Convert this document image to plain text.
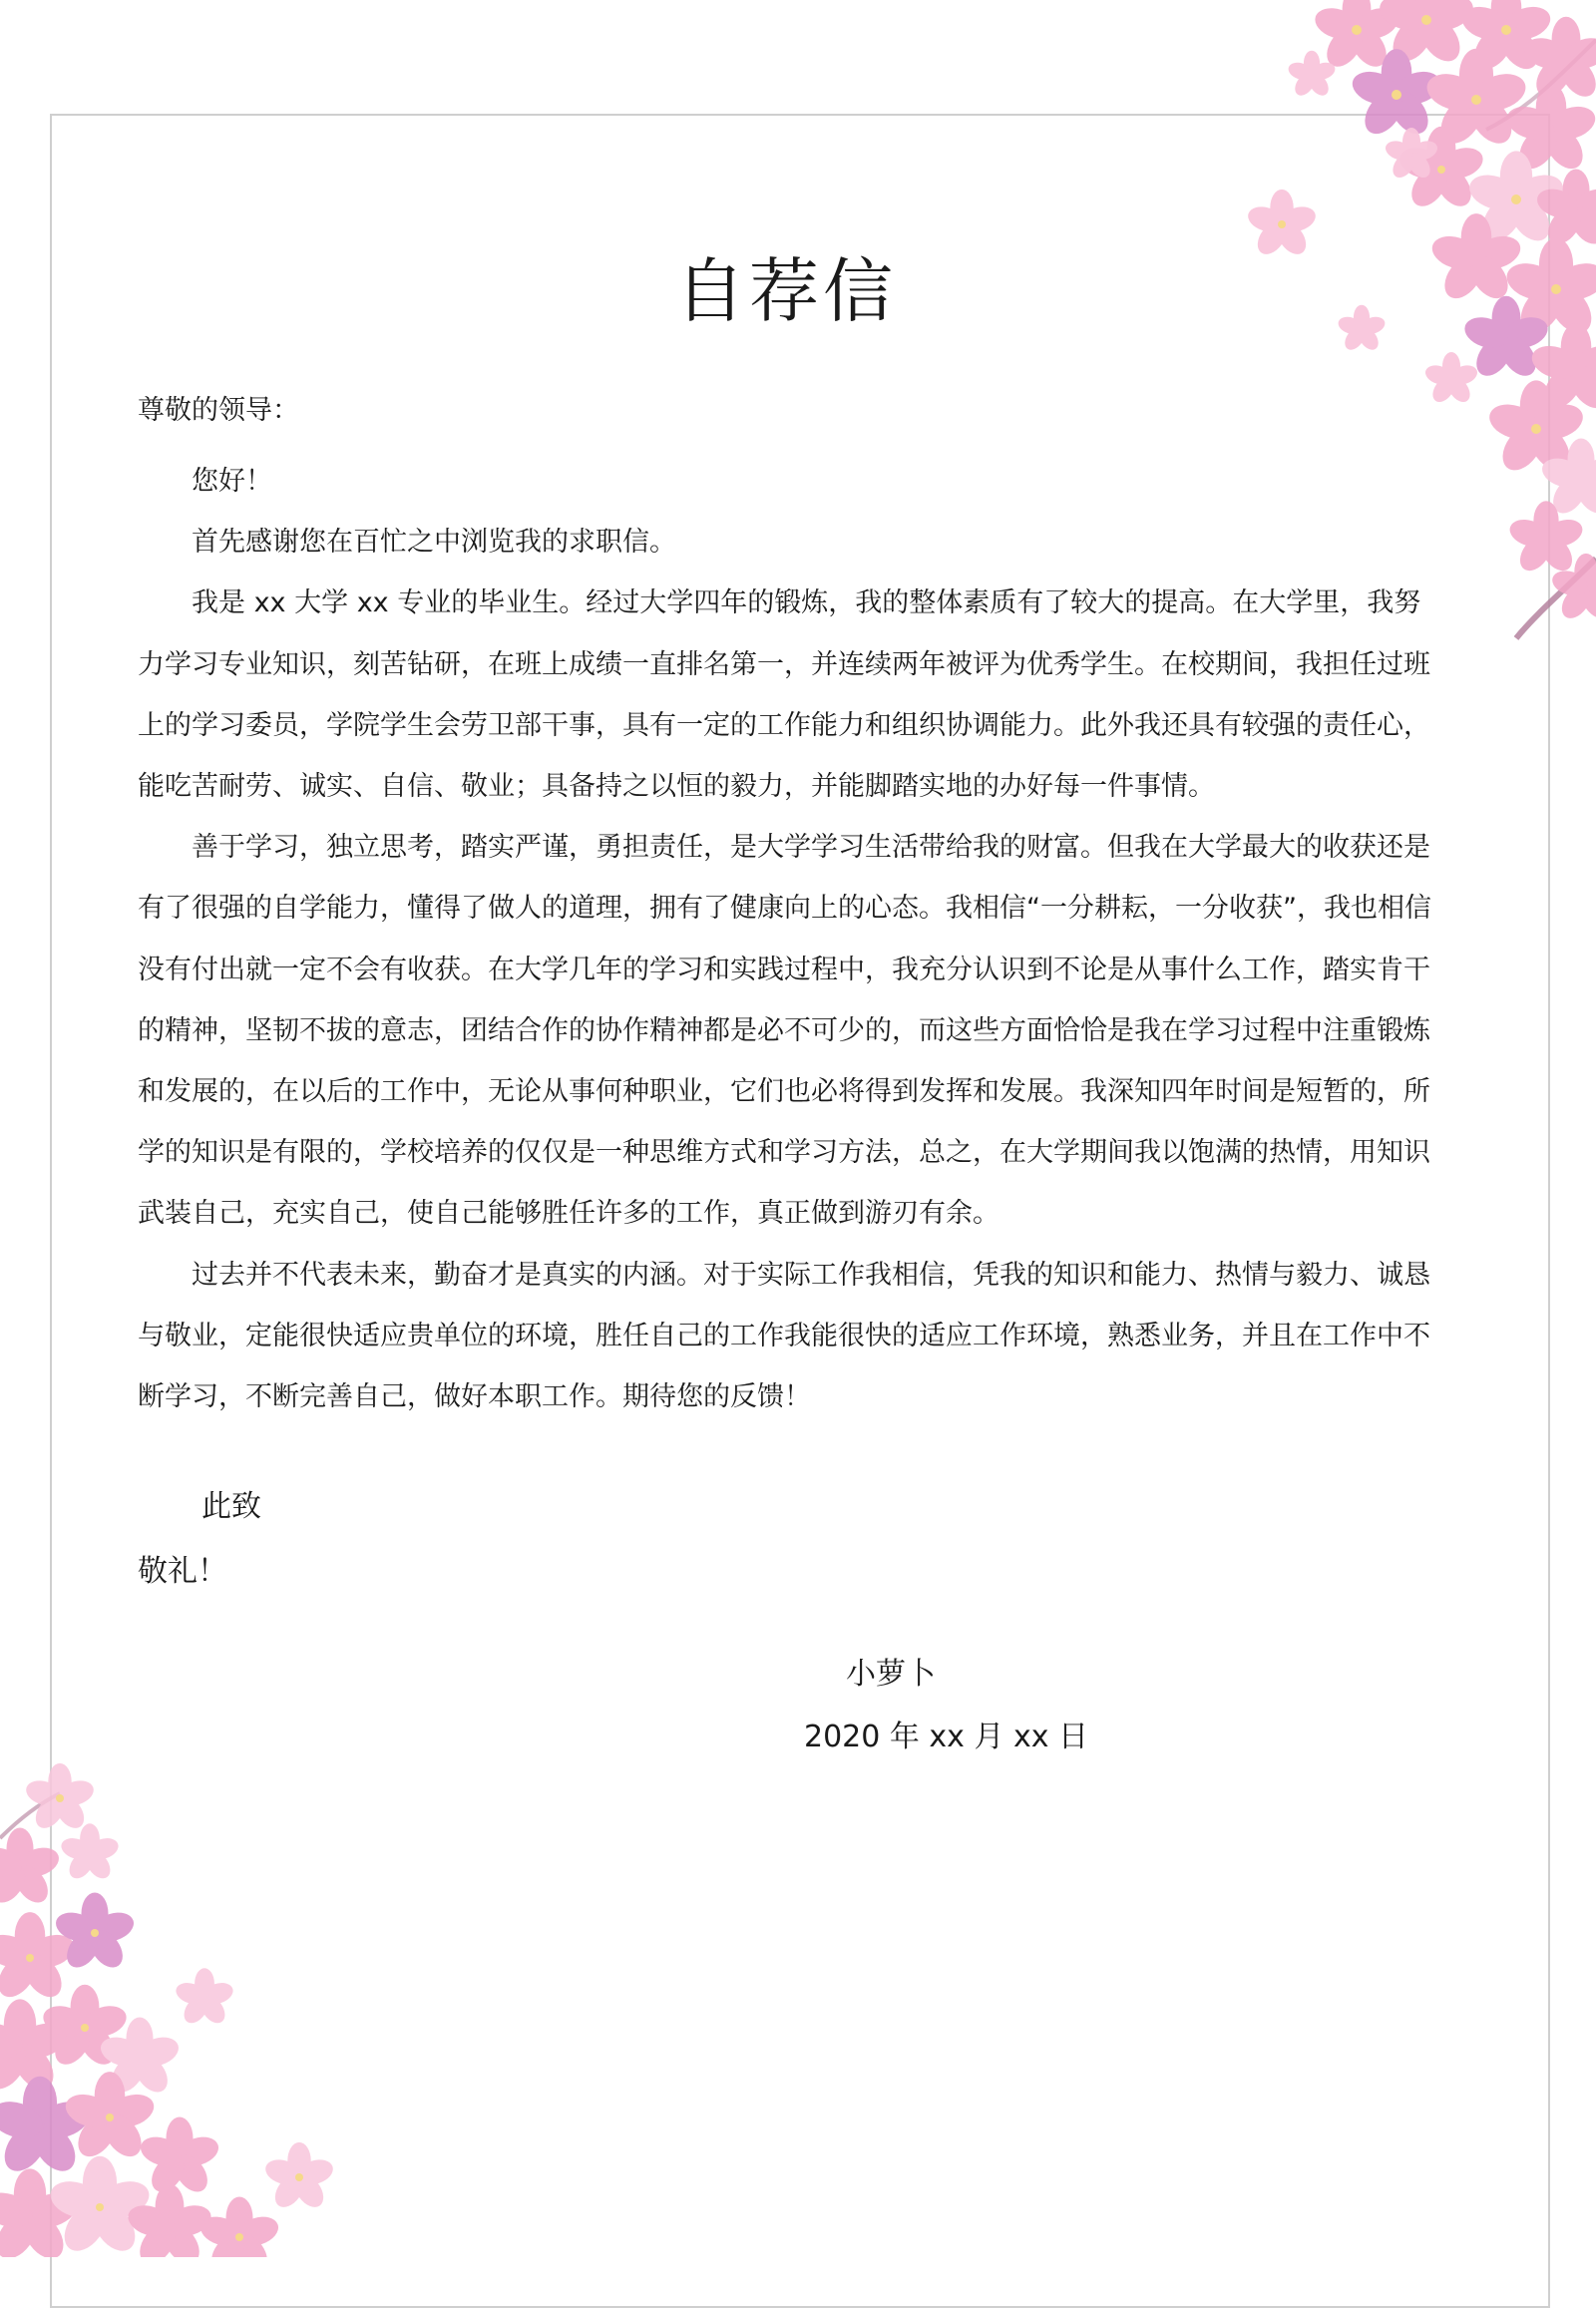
自荐信
尊敬的领导：

您好！

首先感谢您在百忙之中浏览我的求职信。

我是 xx 大学 xx 专业的毕业生。经过大学四年的锻炼，我的整体素质有了较大的提高。在大学里，我努力学习专业知识，刻苦钻研，在班上成绩一直排名第一，并连续两年被评为优秀学生。在校期间，我担任过班上的学习委员，学院学生会劳卫部干事，具有一定的工作能力和组织协调能力。此外我还具有较强的责任心，能吃苦耐劳、诚实、自信、敬业；具备持之以恒的毅力，并能脚踏实地的办好每一件事情。

善于学习，独立思考，踏实严谨，勇担责任，是大学学习生活带给我的财富。但我在大学最大的收获还是有了很强的自学能力，懂得了做人的道理，拥有了健康向上的心态。我相信“一分耕耘，一分收获”，我也相信没有付出就一定不会有收获。在大学几年的学习和实践过程中，我充分认识到不论是从事什么工作，踏实肯干的精神，坚韧不拔的意志，团结合作的协作精神都是必不可少的，而这些方面恰恰是我在学习过程中注重锻炼和发展的，在以后的工作中，无论从事何种职业，它们也必将得到发挥和发展。我深知四年时间是短暂的，所学的知识是有限的，学校培养的仅仅是一种思维方式和学习方法，总之，在大学期间我以饱满的热情，用知识武装自己，充实自己，使自己能够胜任许多的工作，真正做到游刃有余。

过去并不代表未来，勤奋才是真实的内涵。对于实际工作我相信，凭我的知识和能力、热情与毅力、诚恳与敬业，定能很快适应贵单位的环境，胜任自己的工作我能很快的适应工作环境，熟悉业务，并且在工作中不断学习，不断完善自己，做好本职工作。期待您的反馈！

此致
敬礼！
小萝卜
2020 年 xx 月 xx 日
